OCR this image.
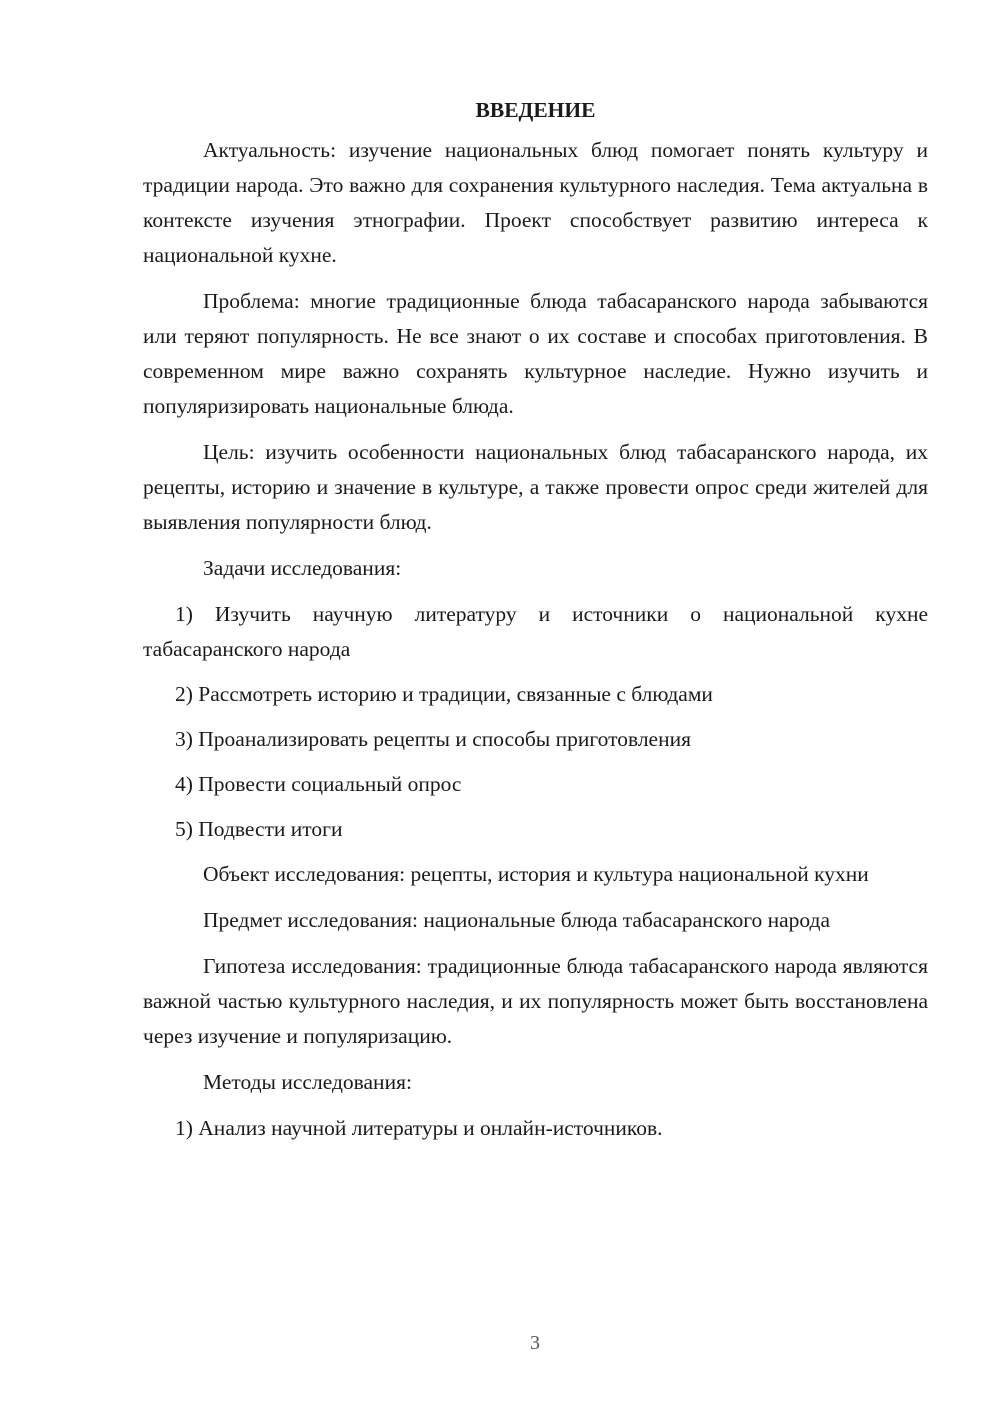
ВВЕДЕНИЕ

Актуальность: изучение национальных блюд помогает понять культуру и традиции народа. Это важно для сохранения культурного наследия. Тема актуальна в контексте изучения этнографии. Проект способствует развитию интереса к национальной кухне.

Проблема: многие традиционные блюда табасаранского народа забываются или теряют популярность. Не все знают о их составе и способах приготовления. В современном мире важно сохранять культурное наследие. Нужно изучить и популяризировать национальные блюда.

Цель: изучить особенности национальных блюд табасаранского народа, их рецепты, историю и значение в культуре, а также провести опрос среди жителей для выявления популярности блюд.

Задачи исследования:

1) Изучить научную литературу и источники о национальной кухне табасаранского народа

2) Рассмотреть историю и традиции, связанные с блюдами

3) Проанализировать рецепты и способы приготовления

4) Провести социальный опрос

5) Подвести итоги

Объект исследования: рецепты, история и культура национальной кухни

Предмет исследования: национальные блюда табасаранского народа

Гипотеза исследования: традиционные блюда табасаранского народа являются важной частью культурного наследия, и их популярность может быть восстановлена через изучение и популяризацию.

Методы исследования:

1) Анализ научной литературы и онлайн-источников.

3
